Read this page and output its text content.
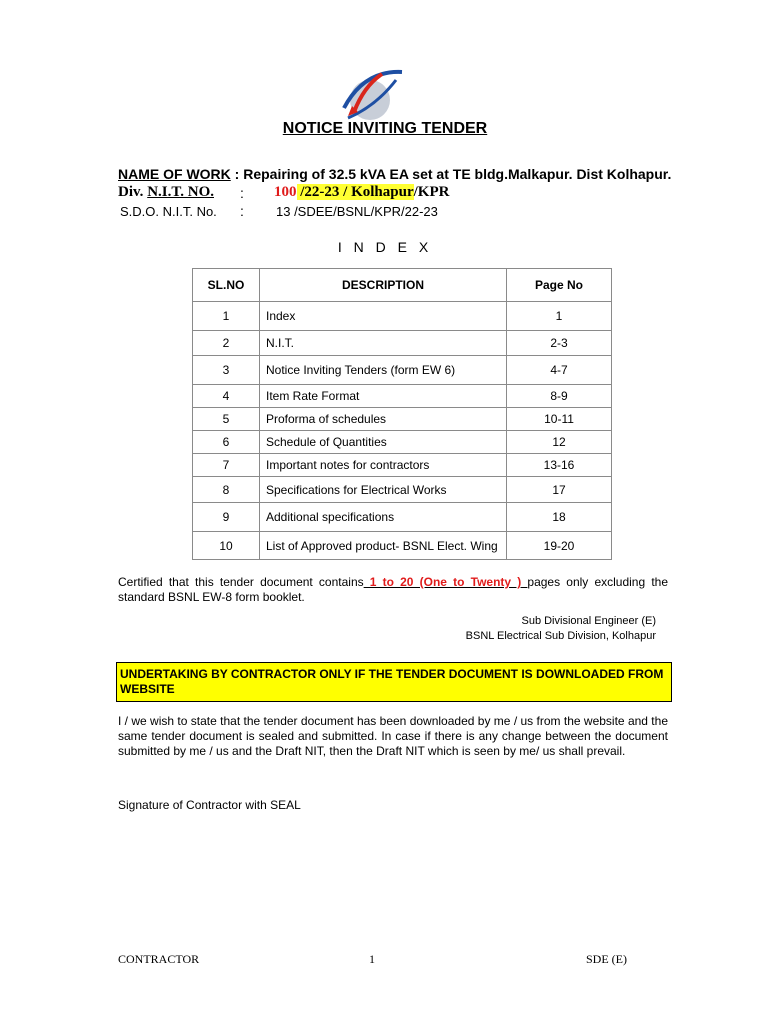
NOTICE INVITING TENDER
NAME OF WORK : Repairing of 32.5 kVA EA set at TE bldg.Malkapur. Dist Kolhapur.
Div. N.I.T. NO. : 100 /22-23 / Kolhapur/KPR
S.D.O. N.I.T. No. : 13 /SDEE/BSNL/KPR/22-23
I N D E X
SL.NO	DESCRIPTION	Page No
1	Index	1
2	N.I.T.	2-3
3	Notice Inviting Tenders (form EW 6)	4-7
4	Item Rate Format	8-9
5	Proforma of schedules	10-11
6	Schedule of Quantities	12
7	Important notes for contractors	13-16
8	Specifications for Electrical Works	17
9	Additional specifications	18
10	List of Approved product- BSNL Elect. Wing	19-20
Certified that this tender document contains 1 to 20 (One to Twenty ) pages only excluding the standard BSNL EW-8 form booklet.
Sub Divisional Engineer (E)
BSNL Electrical Sub Division, Kolhapur
UNDERTAKING BY CONTRACTOR ONLY IF THE TENDER DOCUMENT IS DOWNLOADED FROM WEBSITE
I / we wish to state that the tender document has been downloaded by me / us from the website and the same tender document is sealed and submitted. In case if there is any change between the document submitted by me / us and the Draft NIT, then the Draft NIT which is seen by me/ us shall prevail.
Signature of Contractor with SEAL
CONTRACTOR	1	SDE (E)
